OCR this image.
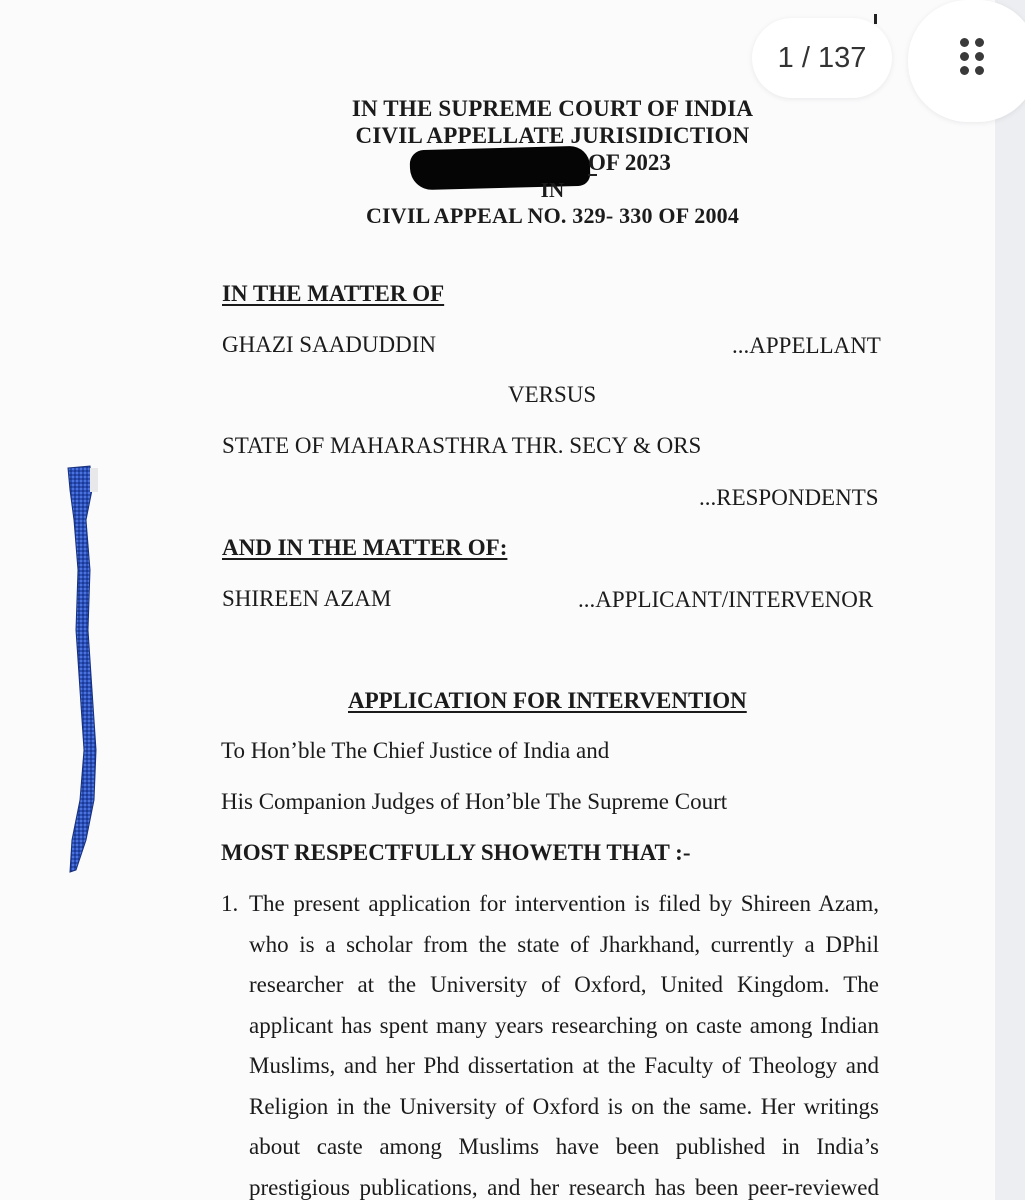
IN THE SUPREME COURT OF INDIA
CIVIL APPELLATE JURISIDICTION
OF 2023
IN
CIVIL APPEAL NO. 329- 330 OF 2004
IN THE MATTER OF
GHAZI SAADUDDIN	...APPELLANT
VERSUS
STATE OF MAHARASTHRA THR. SECY & ORS
...RESPONDENTS
AND IN THE MATTER OF:
SHIREEN AZAM	...APPLICANT/INTERVENOR
APPLICATION FOR INTERVENTION
To Hon’ble The Chief Justice of India and
His Companion Judges of Hon’ble The Supreme Court
MOST RESPECTFULLY SHOWETH THAT :-
1. The present application for intervention is filed by Shireen Azam,
who is a scholar from the state of Jharkhand, currently a DPhil
researcher at the University of Oxford, United Kingdom. The
applicant has spent many years researching on caste among Indian
Muslims, and her Phd dissertation at the Faculty of Theology and
Religion in the University of Oxford is on the same. Her writings
about caste among Muslims have been published in India’s
prestigious publications, and her research has been peer-reviewed
1 / 137
